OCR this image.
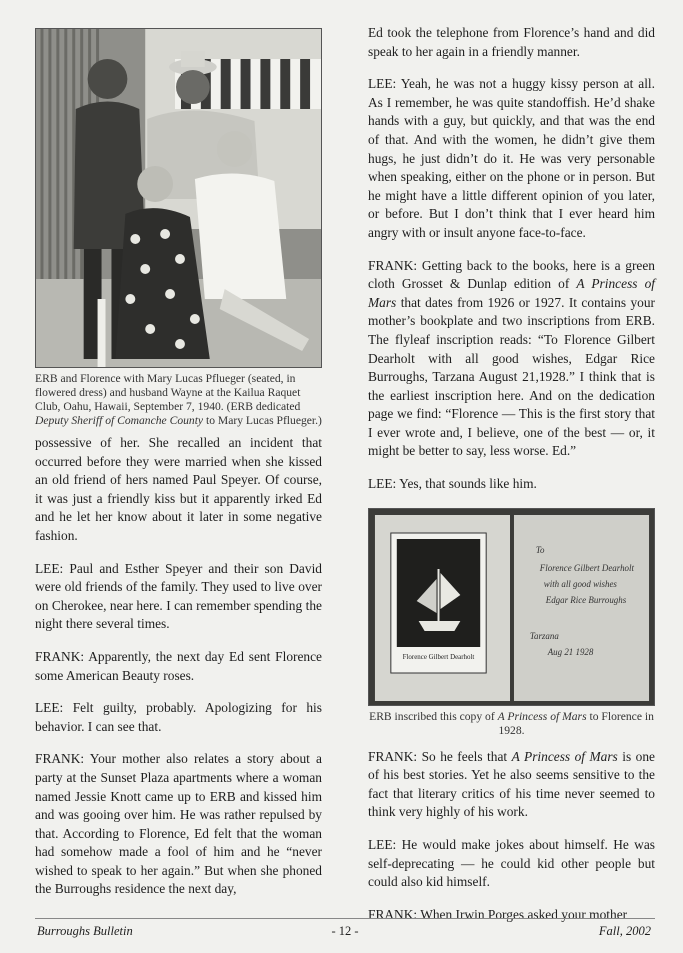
ERB and Florence with Mary Lucas Pflueger (seated, in flowered dress) and husband Wayne at the Kailua Raquet Club, Oahu, Hawaii, September 7, 1940. (ERB dedicated Deputy Sheriff of Comanche County to Mary Lucas Pflueger.)

possessive of her. She recalled an incident that occurred before they were married when she kissed an old friend of hers named Paul Speyer. Of course, it was just a friendly kiss but it apparently irked Ed and he let her know about it later in some negative fashion.

LEE: Paul and Esther Speyer and their son David were old friends of the family. They used to live over on Cherokee, near here. I can remember spending the night there several times.

FRANK: Apparently, the next day Ed sent Florence some American Beauty roses.

LEE: Felt guilty, probably. Apologizing for his behavior. I can see that.

FRANK: Your mother also relates a story about a party at the Sunset Plaza apartments where a woman named Jessie Knott came up to ERB and kissed him and was gooing over him. He was rather repulsed by that. According to Florence, Ed felt that the woman had somehow made a fool of him and he “never wished to speak to her again.” But when she phoned the Burroughs residence the next day,

Ed took the telephone from Florence’s hand and did speak to her again in a friendly manner.

LEE: Yeah, he was not a huggy kissy person at all. As I remember, he was quite standoffish. He’d shake hands with a guy, but quickly, and that was the end of that. And with the women, he didn’t give them hugs, he just didn’t do it. He was very personable when speaking, either on the phone or in person. But he might have a little different opinion of you later, or before. But I don’t think that I ever heard him angry with or insult anyone face-to-face.

FRANK: Getting back to the books, here is a green cloth Grosset & Dunlap edition of A Princess of Mars that dates from 1926 or 1927. It contains your mother’s bookplate and two inscriptions from ERB. The flyleaf inscription reads: “To Florence Gilbert Dearholt with all good wishes, Edgar Rice Burroughs, Tarzana August 21,1928.” I think that is the earliest inscription here. And on the dedication page we find: “Florence — This is the first story that I ever wrote and, I believe, one of the best — or, it might be better to say, less worse. Ed.”

LEE: Yes, that sounds like him.

Florence Gilbert Dearholt
To
Florence Gilbert Dearholt
with all good wishes
Edgar Rice Burroughs
Tarzana
Aug 21 1928
ERB inscribed this copy of A Princess of Mars to Florence in 1928.

FRANK: So he feels that A Princess of Mars is one of his best stories. Yet he also seems sensitive to the fact that literary critics of his time never seemed to think very highly of his work.

LEE: He would make jokes about himself. He was self-deprecating — he could kid other people but could also kid himself.

FRANK: When Irwin Porges asked your mother

Burroughs Bulletin	- 12 -	Fall, 2002
